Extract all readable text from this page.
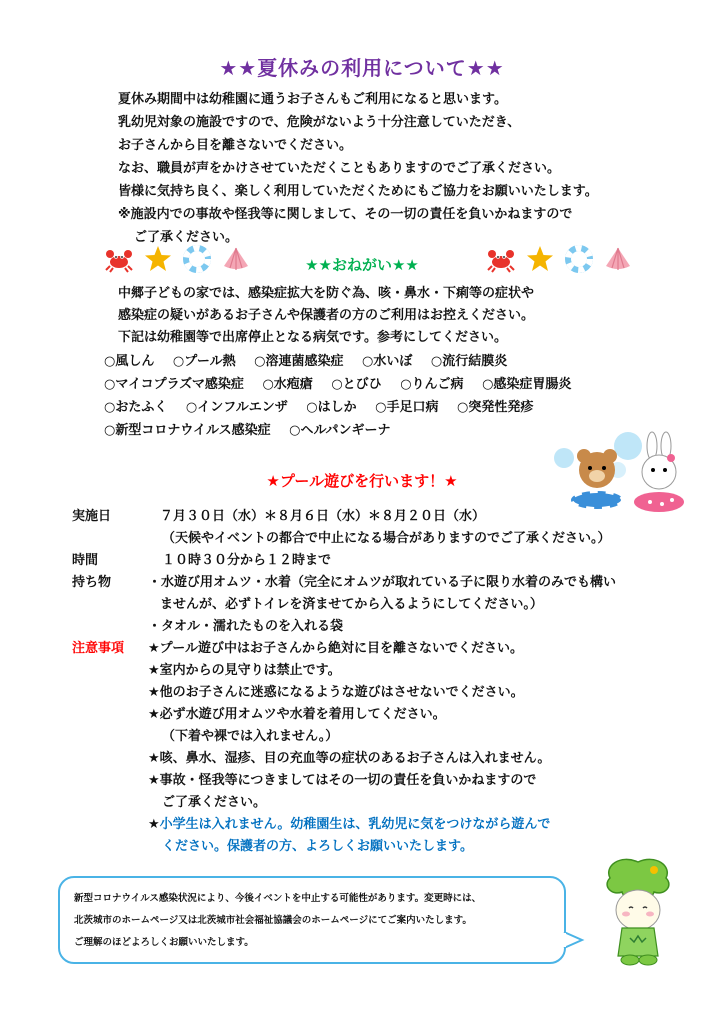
★★夏休みの利用について★★
夏休み期間中は幼稚園に通うお子さんもご利用になると思います。
乳幼児対象の施設ですので、危険がないよう十分注意していただき、
お子さんから目を離さないでください。
なお、職員が声をかけさせていただくこともありますのでご了承ください。
皆様に気持ち良く、楽しく利用していただくためにもご協力をお願いいたします。
※施設内での事故や怪我等に関しまして、その一切の責任を負いかねますので
ご了承ください。

★★おねがい★★

中郷子どもの家では、感染症拡大を防ぐ為、咳・鼻水・下痢等の症状や
感染症の疑いがあるお子さんや保護者の方のご利用はお控えください。
下記は幼稚園等で出席停止となる病気です。参考にしてください。
○風しん ○プール熱 ○溶連菌感染症 ○水いぼ ○流行結膜炎
○マイコプラズマ感染症 ○水疱瘡 ○とびひ ○りんご病 ○感染症胃腸炎
○おたふく ○インフルエンザ ○はしか ○手足口病 ○突発性発疹
○新型コロナウイルス感染症 ○ヘルパンギーナ
★プール遊びを行います！★
実施日	７月３０日（水）＊８月６日（水）＊８月２０日（水）
（天候やイベントの都合で中止になる場合がありますのでご了承ください。）
時間	１０時３０分から１２時まで
持ち物	・水遊び用オムツ・水着（完全にオムツが取れている子に限り水着のみでも構い
ませんが、必ずトイレを済ませてから入るようにしてください。）
・タオル・濡れたものを入れる袋
注意事項	★プール遊び中はお子さんから絶対に目を離さないでください。
★室内からの見守りは禁止です。
★他のお子さんに迷惑になるような遊びはさせないでください。
★必ず水遊び用オムツや水着を着用してください。
（下着や裸では入れません。）
★咳、鼻水、湿疹、目の充血等の症状のあるお子さんは入れません。
★事故・怪我等につきましてはその一切の責任を負いかねますので
ご了承ください。
★小学生は入れません。幼稚園生は、乳幼児に気をつけながら遊んで
ください。保護者の方、よろしくお願いいたします。
新型コロナウイルス感染状況により、今後イベントを中止する可能性があります。変更時には、
北茨城市のホームページ又は北茨城市社会福祉協議会のホームページにてご案内いたします。
ご理解のほどよろしくお願いいたします。
